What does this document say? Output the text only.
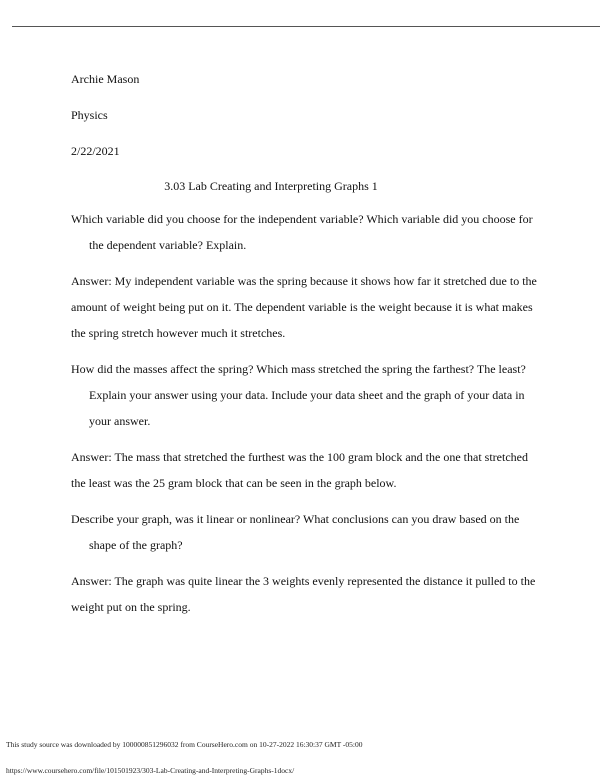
Archie Mason
Physics
2/22/2021
3.03 Lab Creating and Interpreting Graphs 1
Which variable did you choose for the independent variable? Which variable did you choose for
the dependent variable? Explain.
Answer: My independent variable was the spring because it shows how far it stretched due to the
amount of weight being put on it. The dependent variable is the weight because it is what makes
the spring stretch however much it stretches.
How did the masses affect the spring? Which mass stretched the spring the farthest? The least?
Explain your answer using your data. Include your data sheet and the graph of your data in
your answer.
Answer: The mass that stretched the furthest was the 100 gram block and the one that stretched
the least was the 25 gram block that can be seen in the graph below.
Describe your graph, was it linear or nonlinear? What conclusions can you draw based on the
shape of the graph?
Answer: The graph was quite linear the 3 weights evenly represented the distance it pulled to the
weight put on the spring.
This study source was downloaded by 100000851296032 from CourseHero.com on 10-27-2022 16:30:37 GMT -05:00
https://www.coursehero.com/file/101501923/303-Lab-Creating-and-Interpreting-Graphs-1docx/
